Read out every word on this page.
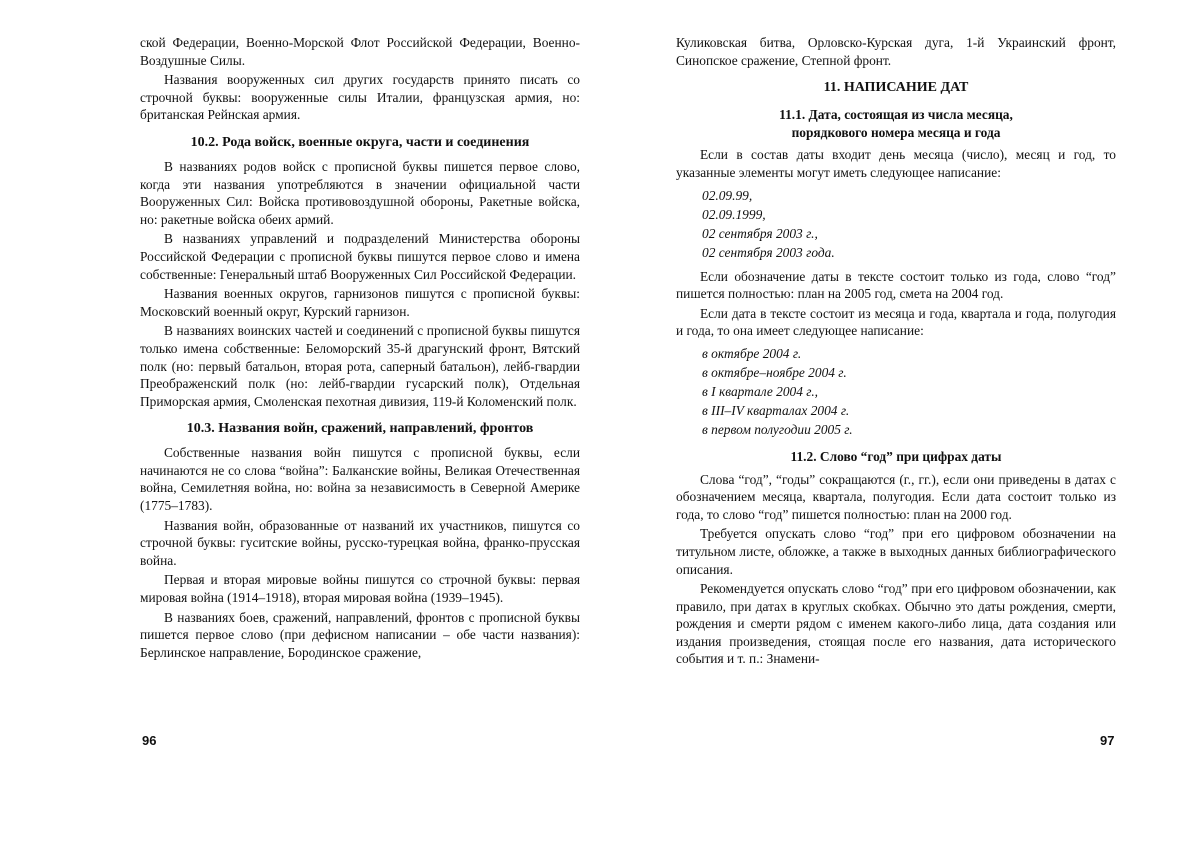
ской Федерации, Военно-Морской Флот Российской Федерации, Военно-Воздушные Силы.

Названия вооруженных сил других государств принято писать со строчной буквы: вооруженные силы Италии, французская армия, но: британская Рейнская армия.

10.2. Рода войск, военные округа, части и соединения

В названиях родов войск с прописной буквы пишется первое слово, когда эти названия употребляются в значении официальной части Вооруженных Сил: Войска противовоздушной обороны, Ракетные войска, но: ракетные войска обеих армий.

В названиях управлений и подразделений Министерства обороны Российской Федерации с прописной буквы пишутся первое слово и имена собственные: Генеральный штаб Вооруженных Сил Российской Федерации.

Названия военных округов, гарнизонов пишутся с прописной буквы: Московский военный округ, Курский гарнизон.

В названиях воинских частей и соединений с прописной буквы пишутся только имена собственные: Беломорский 35-й драгунский фронт, Вятский полк (но: первый батальон, вторая рота, саперный батальон), лейб-гвардии Преображенский полк (но: лейб-гвардии гусарский полк), Отдельная Приморская армия, Смоленская пехотная дивизия, 119-й Коломенский полк.

10.3. Названия войн, сражений, направлений, фронтов

Собственные названия войн пишутся с прописной буквы, если начинаются не со слова “война”: Балканские войны, Великая Отечественная война, Семилетняя война, но: война за независимость в Северной Америке (1775–1783).

Названия войн, образованные от названий их участников, пишутся со строчной буквы: гуситские войны, русско-турецкая война, франко-прусская война.

Первая и вторая мировые войны пишутся со строчной буквы: первая мировая война (1914–1918), вторая мировая война (1939–1945).

В названиях боев, сражений, направлений, фронтов с прописной буквы пишется первое слово (при дефисном написании – обе части названия): Берлинское направление, Бородинское сражение,

96

Куликовская битва, Орловско-Курская дуга, 1-й Украинский фронт, Синопское сражение, Степной фронт.

11. НАПИСАНИЕ ДАТ
11.1. Дата, состоящая из числа месяца,
порядкового номера месяца и года

Если в состав даты входит день месяца (число), месяц и год, то указанные элементы могут иметь следующее написание:

02.09.99,
02.09.1999,
02 сентября 2003 г.,
02 сентября 2003 года.

Если обозначение даты в тексте состоит только из года, слово “год” пишется полностью: план на 2005 год, смета на 2004 год.

Если дата в тексте состоит из месяца и года, квартала и года, полугодия и года, то она имеет следующее написание:

в октябре 2004 г.
в октябре–ноябре 2004 г.
в I квартале 2004 г.,
в III–IV кварталах 2004 г.
в первом полугодии 2005 г.
11.2. Слово “год” при цифрах даты

Слова “год”, “годы” сокращаются (г., гг.), если они приведены в датах с обозначением месяца, квартала, полугодия. Если дата состоит только из года, то слово “год” пишется полностью: план на 2000 год.

Требуется опускать слово “год” при его цифровом обозначении на титульном листе, обложке, а также в выходных данных библиографического описания.

Рекомендуется опускать слово “год” при его цифровом обозначении, как правило, при датах в круглых скобках. Обычно это даты рождения, смерти, рождения и смерти рядом с именем какого-либо лица, дата создания или издания произведения, стоящая после его названия, дата исторического события и т. п.: Знамени-

97
